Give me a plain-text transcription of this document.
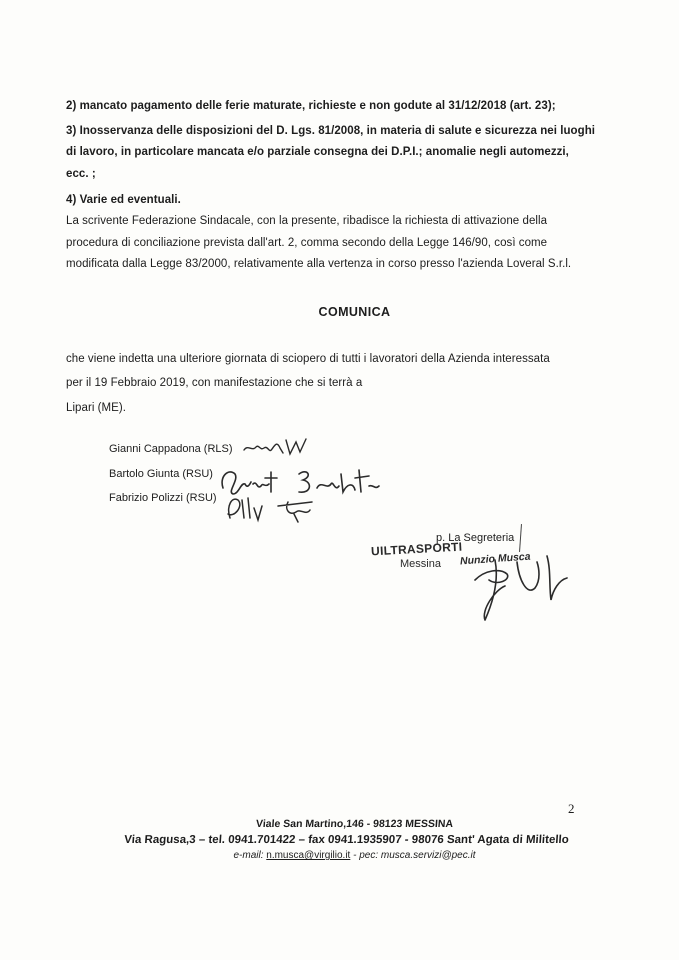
2) mancato pagamento delle ferie maturate, richieste e non godute al 31/12/2018 (art. 23);
3) Inosservanza delle disposizioni del D. Lgs. 81/2008, in materia di salute e sicurezza nei luoghi
di lavoro, in particolare mancata e/o parziale consegna dei D.P.I.; anomalie negli automezzi,
ecc. ;
4) Varie ed eventuali.
La scrivente Federazione Sindacale, con la presente, ribadisce la richiesta di attivazione della
procedura di conciliazione prevista dall'art. 2, comma secondo della Legge 146/90, così come
modificata dalla Legge 83/2000, relativamente alla vertenza in corso presso l'azienda Loveral S.r.l.
COMUNICA
che viene indetta una ulteriore giornata di sciopero di tutti i lavoratori della Azienda interessata
per il 19 Febbraio 2019, con manifestazione che si terrà a
Lipari (ME).
Gianni Cappadona (RLS)
Bartolo Giunta (RSU)
Fabrizio Polizzi (RSU)
p. La Segreteria
UILTRASPORTI
Messina Nunzio Musca
2
Viale San Martino,146 - 98123 MESSINA
Via Ragusa,3 – tel. 0941.701422 – fax 0941.1935907 - 98076 Sant' Agata di Militello
e-mail: n.musca@virgilio.it - pec: musca.servizi@pec.it
